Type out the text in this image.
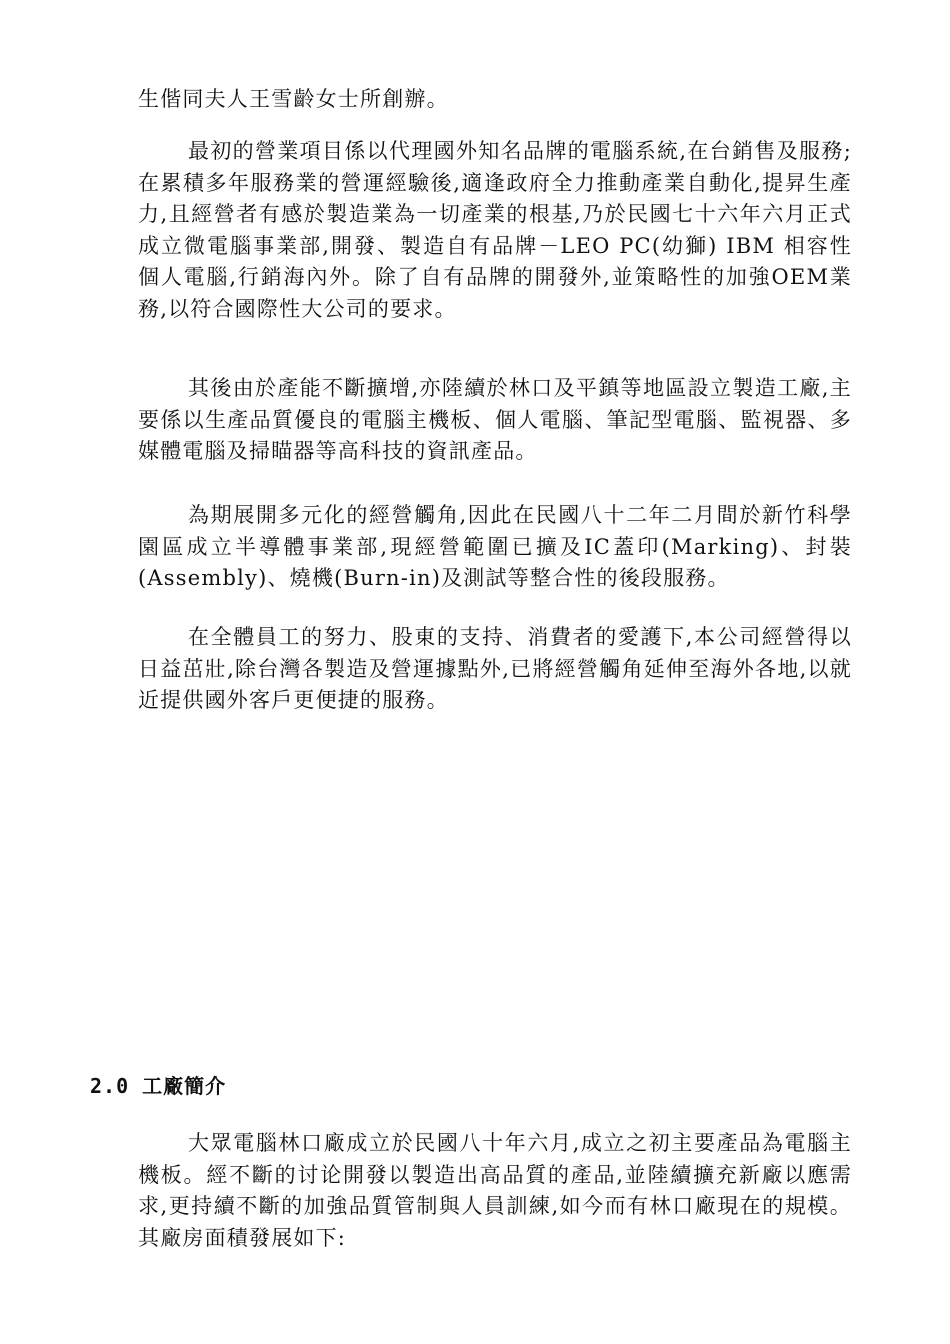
生偕同夫人王雪齡女士所創辦。

最初的營業項目係以代理國外知名品牌的電腦系統,在台銷售及服務;在累積多年服務業的營運經驗後,適逢政府全力推動產業自動化,提昇生產力,且經營者有感於製造業為一切產業的根基,乃於民國七十六年六月正式成立微電腦事業部,開發、製造自有品牌－LEO PC(幼獅) IBM 相容性個人電腦,行銷海內外。除了自有品牌的開發外,並策略性的加強OEM業務,以符合國際性大公司的要求。

其後由於產能不斷擴增,亦陸續於林口及平鎮等地區設立製造工廠,主要係以生產品質優良的電腦主機板、個人電腦、筆記型電腦、監視器、多媒體電腦及掃瞄器等高科技的資訊產品。

為期展開多元化的經營觸角,因此在民國八十二年二月間於新竹科學園區成立半導體事業部,現經營範圍已擴及IC蓋印(Marking)、封裝(Assembly)、燒機(Burn-in)及測試等整合性的後段服務。

在全體員工的努力、股東的支持、消費者的愛護下,本公司經營得以日益茁壯,除台灣各製造及營運據點外,已將經營觸角延伸至海外各地,以就近提供國外客戶更便捷的服務。

2.0 工廠簡介

大眾電腦林口廠成立於民國八十年六月,成立之初主要產品為電腦主機板。經不斷的讨论開發以製造出高品質的產品,並陸續擴充新廠以應需求,更持續不斷的加強品質管制與人員訓練,如今而有林口廠現在的規模。其廠房面積發展如下:
